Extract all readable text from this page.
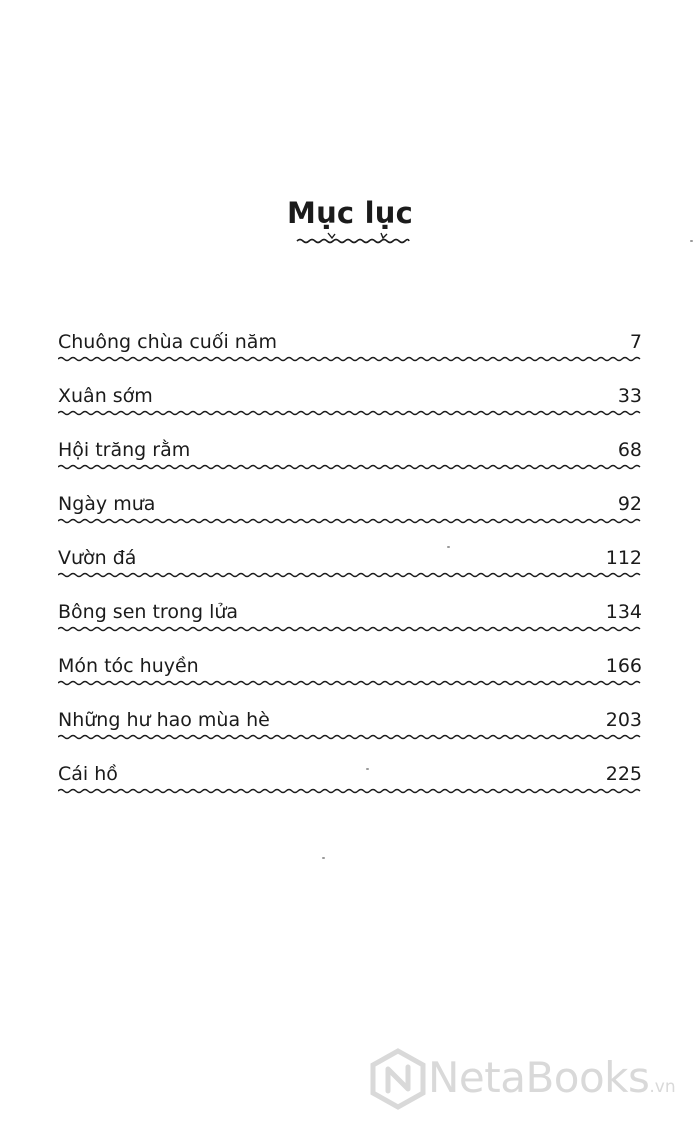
Mục lục
Chuông chùa cuối năm	7
Xuân sớm	33
Hội trăng rằm	68
Ngày mưa	92
Vườn đá	112
Bông sen trong lửa	134
Món tóc huyền	166
Những hư hao mùa hè	203
Cái hồ	225
NetaBooks.vn
